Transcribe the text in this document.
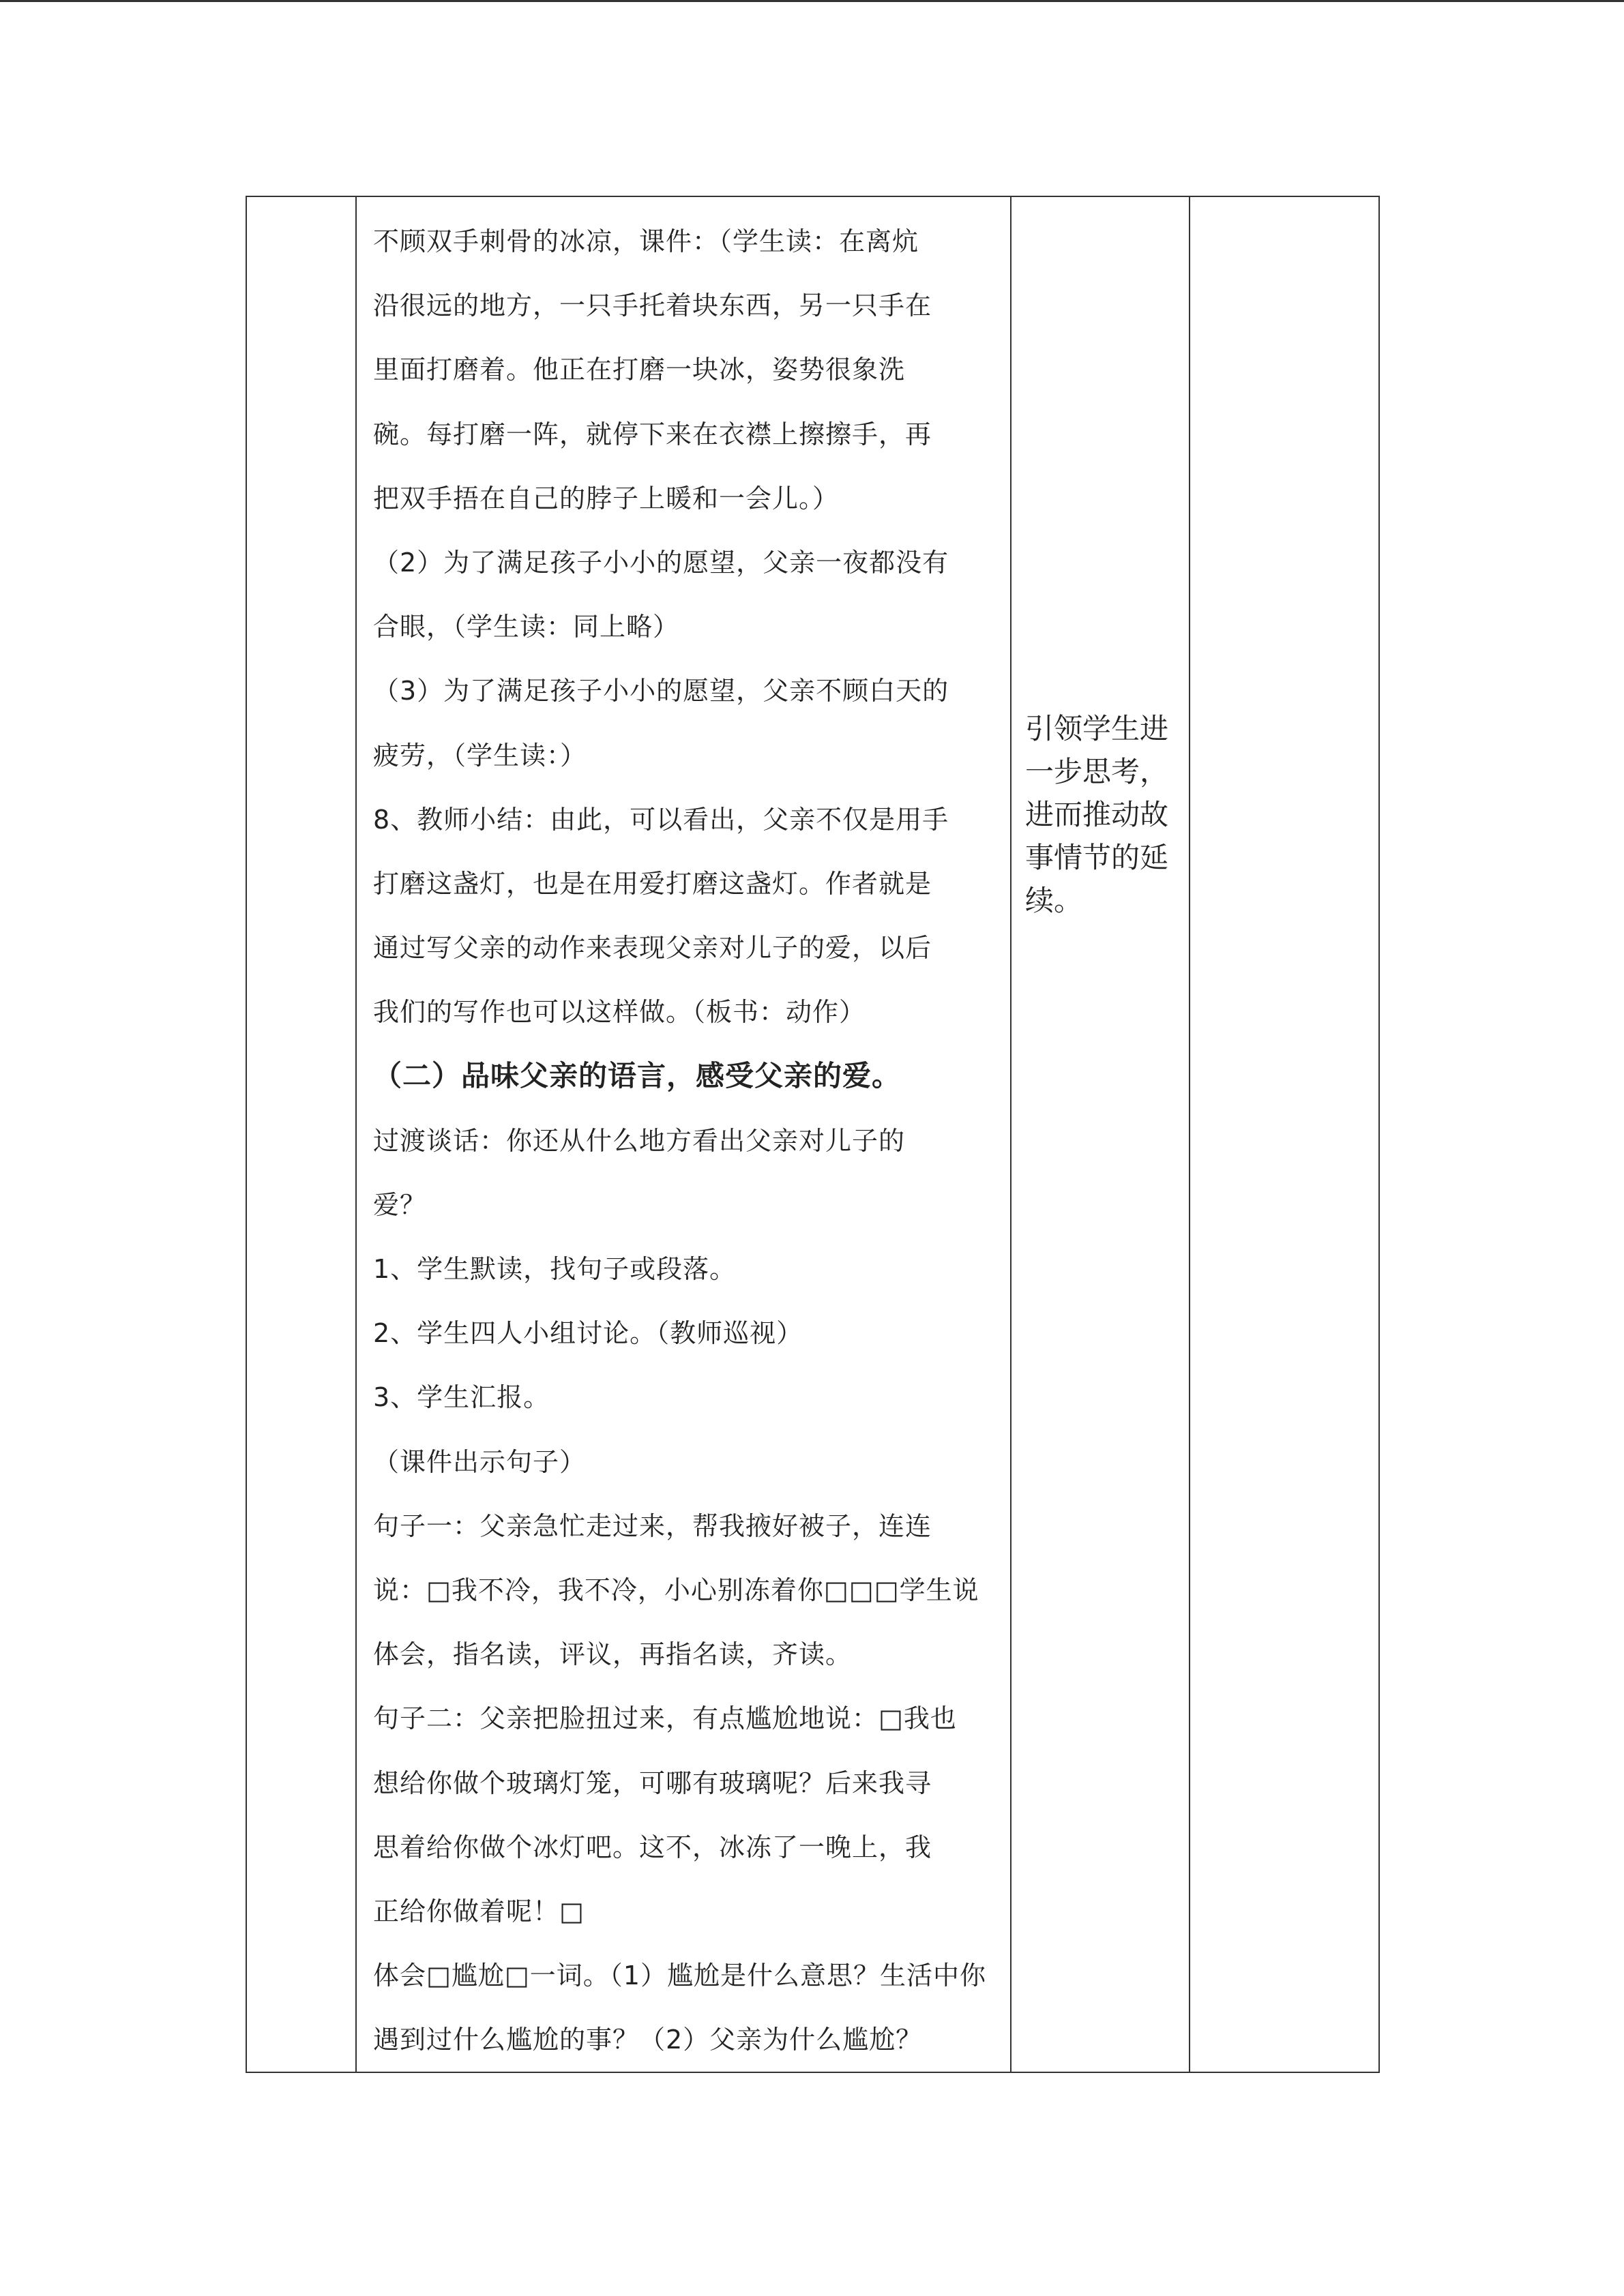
不顾双手刺骨的冰凉，课件：（学生读：在离炕
沿很远的地方，一只手托着块东西，另一只手在
里面打磨着。他正在打磨一块冰，姿势很象洗
碗。每打磨一阵，就停下来在衣襟上擦擦手，再
把双手捂在自己的脖子上暖和一会儿。）
（2）为了满足孩子小小的愿望，父亲一夜都没有
合眼，（学生读：同上略）
（3）为了满足孩子小小的愿望，父亲不顾白天的
疲劳，（学生读：）
8、教师小结：由此，可以看出，父亲不仅是用手
打磨这盏灯，也是在用爱打磨这盏灯。作者就是
通过写父亲的动作来表现父亲对儿子的爱，以后
我们的写作也可以这样做。（板书：动作）
（二）品味父亲的语言，感受父亲的爱。
过渡谈话：你还从什么地方看出父亲对儿子的
爱？
1、学生默读，找句子或段落。
2、学生四人小组讨论。（教师巡视）
3、学生汇报。
（课件出示句子）
句子一：父亲急忙走过来，帮我掖好被子，连连
说：□我不冷，我不冷，小心别冻着你□□□学生说
体会，指名读，评议，再指名读，齐读。
句子二：父亲把脸扭过来，有点尴尬地说：□我也
想给你做个玻璃灯笼，可哪有玻璃呢？后来我寻
思着给你做个冰灯吧。这不，冰冻了一晚上，我
正给你做着呢！□
体会□尴尬□一词。（1）尴尬是什么意思？生活中你
遇到过什么尴尬的事？（2）父亲为什么尴尬？

引领学生进一步思考，进而推动故事情节的延续。
